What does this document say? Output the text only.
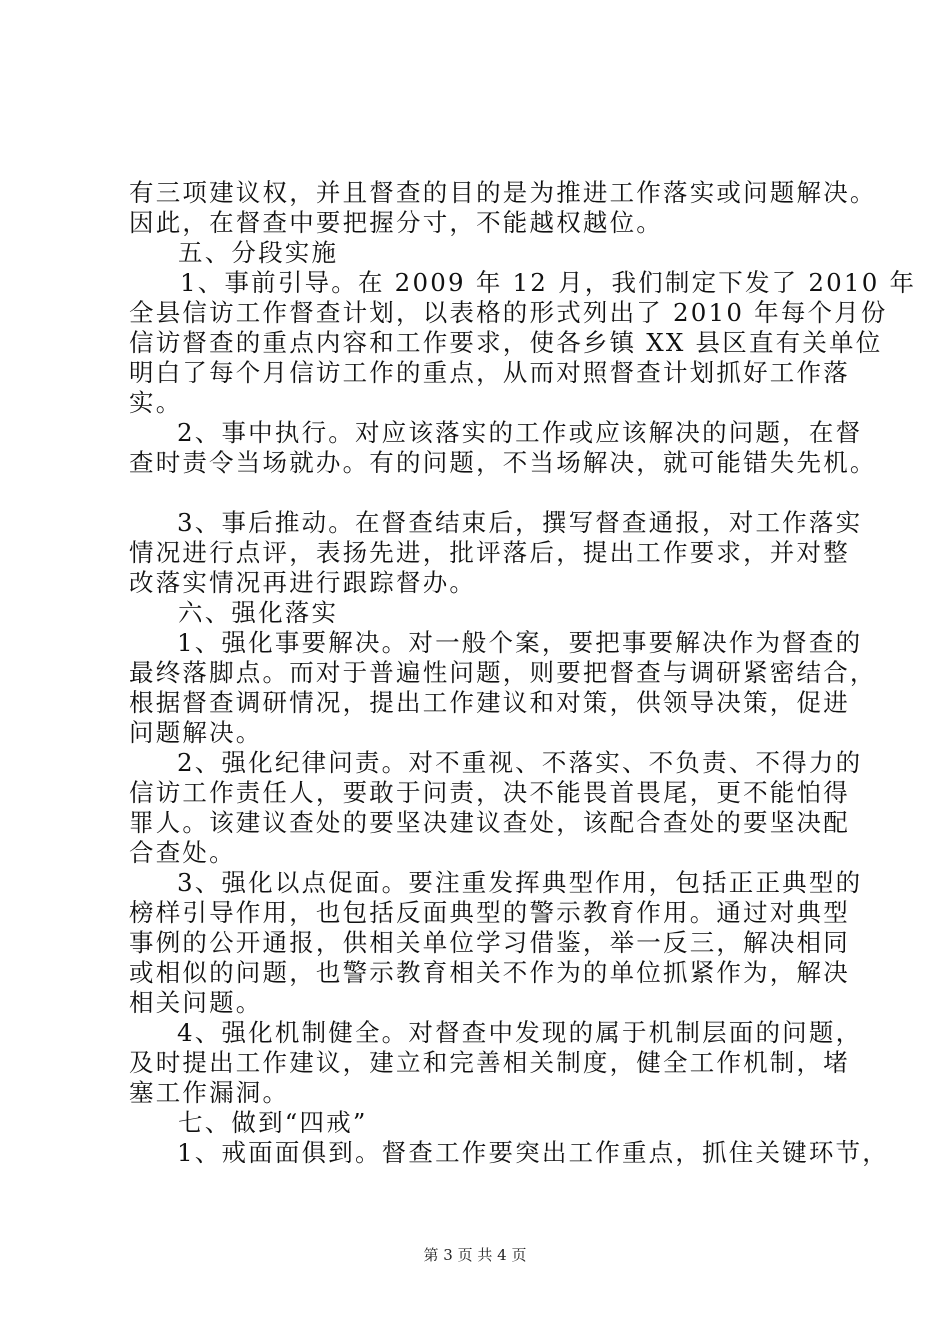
有三项建议权，并且督查的目的是为推进工作落实或问题解决。
因此，在督查中要把握分寸，不能越权越位。
五、分段实施
1、事前引导。在 2009 年 12 月，我们制定下发了 2010 年
全县信访工作督查计划，以表格的形式列出了 2010 年每个月份
信访督查的重点内容和工作要求，使各乡镇 XX 县区直有关单位
明白了每个月信访工作的重点，从而对照督查计划抓好工作落
实。
2、事中执行。对应该落实的工作或应该解决的问题，在督
查时责令当场就办。有的问题，不当场解决，就可能错失先机。
3、事后推动。在督查结束后，撰写督查通报，对工作落实
情况进行点评，表扬先进，批评落后，提出工作要求，并对整
改落实情况再进行跟踪督办。
六、强化落实
1、强化事要解决。对一般个案，要把事要解决作为督查的
最终落脚点。而对于普遍性问题，则要把督查与调研紧密结合，
根据督查调研情况，提出工作建议和对策，供领导决策，促进
问题解决。
2、强化纪律问责。对不重视、不落实、不负责、不得力的
信访工作责任人，要敢于问责，决不能畏首畏尾，更不能怕得
罪人。该建议查处的要坚决建议查处，该配合查处的要坚决配
合查处。
3、强化以点促面。要注重发挥典型作用，包括正正典型的
榜样引导作用，也包括反面典型的警示教育作用。通过对典型
事例的公开通报，供相关单位学习借鉴，举一反三，解决相同
或相似的问题，也警示教育相关不作为的单位抓紧作为，解决
相关问题。
4、强化机制健全。对督查中发现的属于机制层面的问题，
及时提出工作建议，建立和完善相关制度，健全工作机制，堵
塞工作漏洞。
七、做到“四戒”
1、戒面面俱到。督查工作要突出工作重点，抓住关键环节，
第 3 页 共 4 页
